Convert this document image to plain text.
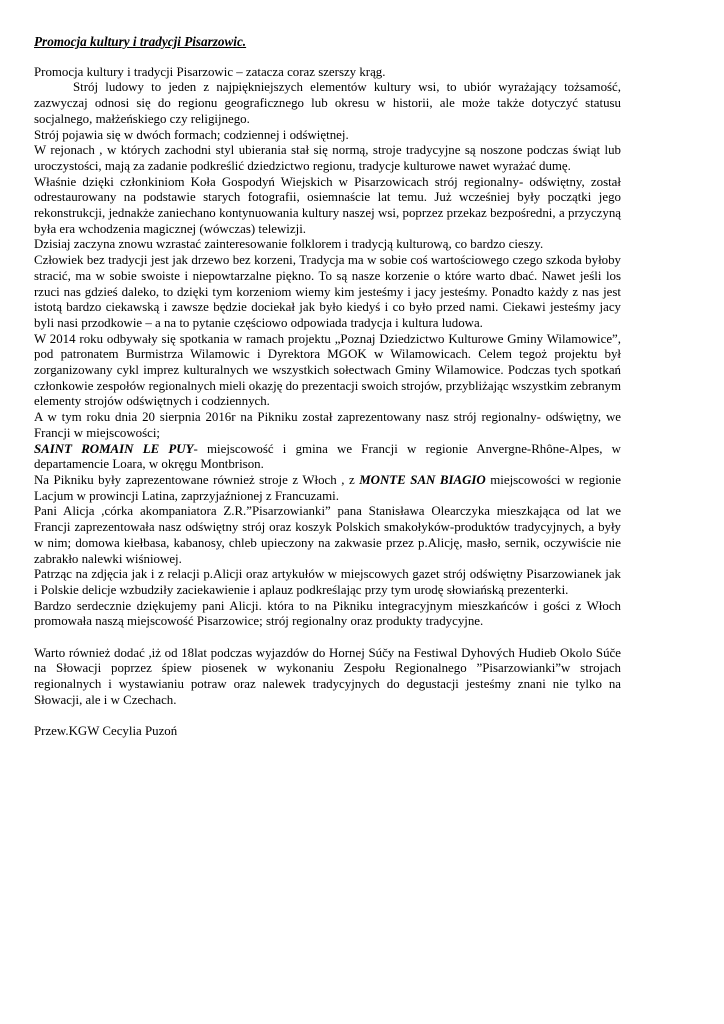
Promocja kultury i tradycji Pisarzowic.

Promocja kultury i tradycji Pisarzowic – zatacza coraz szerszy krąg.

Strój ludowy to jeden z najpiękniejszych elementów kultury wsi, to ubiór wyrażający tożsamość, zazwyczaj odnosi się do regionu geograficznego lub okresu w historii, ale może także dotyczyć statusu socjalnego, małżeńskiego czy religijnego.

Strój pojawia się w dwóch formach; codziennej i odświętnej.

W rejonach , w których zachodni styl ubierania stał się normą, stroje tradycyjne są noszone podczas świąt lub uroczystości, mają za zadanie podkreślić dziedzictwo regionu, tradycje kulturowe nawet wyrażać dumę.

Właśnie dzięki członkiniom Koła Gospodyń Wiejskich w Pisarzowicach strój regionalny- odświętny, został odrestaurowany na podstawie starych fotografii, osiemnaście lat temu. Już wcześniej były początki jego rekonstrukcji, jednakże zaniechano kontynuowania kultury naszej wsi, poprzez przekaz bezpośredni, a przyczyną była era wchodzenia magicznej (wówczas) telewizji.

Dzisiaj zaczyna znowu wzrastać zainteresowanie folklorem i tradycją kulturową, co bardzo cieszy.

Człowiek bez tradycji jest jak drzewo bez korzeni, Tradycja ma w sobie coś wartościowego czego szkoda byłoby stracić, ma w sobie swoiste i niepowtarzalne piękno. To są nasze korzenie o które warto dbać. Nawet jeśli los rzuci nas gdzieś daleko, to dzięki tym korzeniom wiemy kim jesteśmy i jacy jesteśmy. Ponadto każdy z nas jest istotą bardzo ciekawską i zawsze będzie dociekał jak było kiedyś i co było przed nami. Ciekawi jesteśmy jacy byli nasi przodkowie – a na to pytanie częściowo odpowiada tradycja i kultura ludowa.

W 2014 roku odbywały się spotkania w ramach projektu „Poznaj Dziedzictwo Kulturowe Gminy Wilamowice”, pod patronatem Burmistrza Wilamowic i Dyrektora MGOK w Wilamowicach. Celem tegoż projektu był zorganizowany cykl imprez kulturalnych we wszystkich sołectwach Gminy Wilamowice. Podczas tych spotkań członkowie zespołów regionalnych mieli okazję do prezentacji swoich strojów, przybliżając wszystkim zebranym elementy strojów odświętnych i codziennych.

A w tym roku dnia 20 sierpnia 2016r na Pikniku został zaprezentowany nasz strój regionalny- odświętny, we Francji w miejscowości;

SAINT ROMAIN LE PUY- miejscowość i gmina we Francji w regionie Anvergne-Rhône-Alpes, w departamencie Loara, w okręgu Montbrison.

Na Pikniku były zaprezentowane również stroje z Włoch , z MONTE SAN BIAGIO miejscowości w regionie Lacjum w prowincji Latina, zaprzyjaźnionej z Francuzami.

Pani Alicja ,córka akompaniatora Z.R.”Pisarzowianki” pana Stanisława Olearczyka mieszkająca od lat we Francji zaprezentowała nasz odświętny strój oraz koszyk Polskich smakołyków-produktów tradycyjnych, a były w nim; domowa kiełbasa, kabanosy, chleb upieczony na zakwasie przez p.Alicję, masło, sernik, oczywiście nie zabrakło nalewki wiśniowej.

Patrząc na zdjęcia jak i z relacji p.Alicji oraz artykułów w miejscowych gazet strój odświętny Pisarzowianek jak i Polskie delicje wzbudziły zaciekawienie i aplauz podkreślając przy tym urodę słowiańską prezenterki.

Bardzo serdecznie dziękujemy pani Alicji. która to na Pikniku integracyjnym mieszkańców i gości z Włoch promowała naszą miejscowość Pisarzowice; strój regionalny oraz produkty tradycyjne.

Warto również dodać ,iż od 18lat podczas wyjazdów do Hornej Súčy na Festiwal Dyhových Hudieb Okolo Súče na Słowacji poprzez śpiew piosenek w wykonaniu Zespołu Regionalnego ”Pisarzowianki”w strojach regionalnych i wystawianiu potraw oraz nalewek tradycyjnych do degustacji jesteśmy znani nie tylko na Słowacji, ale i w Czechach.

Przew.KGW Cecylia Puzoń
